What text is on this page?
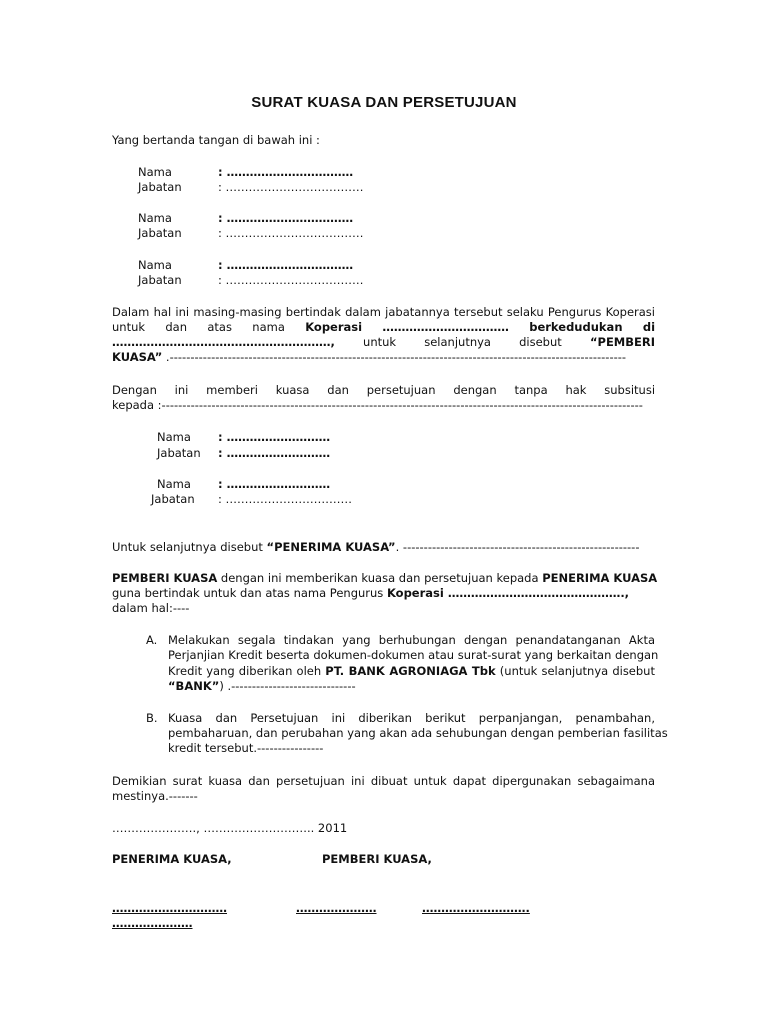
SURAT KUASA DAN PERSETUJUAN
Yang bertanda tangan di bawah ini :
Nama	: ……………………………
Jabatan	: ………………………………
Nama	: ……………………………
Jabatan	: ………………………………
Nama	: ……………………………
Jabatan	: ………………………………
Dalam hal ini masing-masing bertindak dalam jabatannya tersebut selaku Pengurus Koperasi
untuk dan atas nama Koperasi …………………………… berkedudukan di
…………………………………………………, untuk selanjutnya disebut “PEMBERI
KUASA” .--------------------------------------------------------------------------------------------------------------
Dengan ini memberi kuasa dan persetujuan dengan tanpa hak subsitusi
kepada :--------------------------------------------------------------------------------------------------------------------
Nama : ………………………
Jabatan : ………………………
Nama : ………………………
Jabatan : ……………………………
Untuk selanjutnya disebut “PENERIMA KUASA”. ---------------------------------------------------------
PEMBERI KUASA dengan ini memberikan kuasa dan persetujuan kepada PENERIMA KUASA
guna bertindak untuk dan atas nama Pengurus Koperasi ……………………………………….,
dalam hal:----
A. Melakukan segala tindakan yang berhubungan dengan penandatanganan Akta
Perjanjian Kredit beserta dokumen-dokumen atau surat-surat yang berkaitan dengan
Kredit yang diberikan oleh PT. BANK AGRONIAGA Tbk (untuk selanjutnya disebut
“BANK”) .------------------------------
B. Kuasa dan Persetujuan ini diberikan berikut perpanjangan, penambahan,
pembaharuan, dan perubahan yang akan ada sehubungan dengan pemberian fasilitas
kredit tersebut.----------------
Demikian surat kuasa dan persetujuan ini dibuat untuk dapat dipergunakan sebagaimana
mestinya.-------
…………………., ……………………….. 2011
PENERIMA KUASA,	PEMBERI KUASA,
…………………………	…………………	……………………….
…………………
